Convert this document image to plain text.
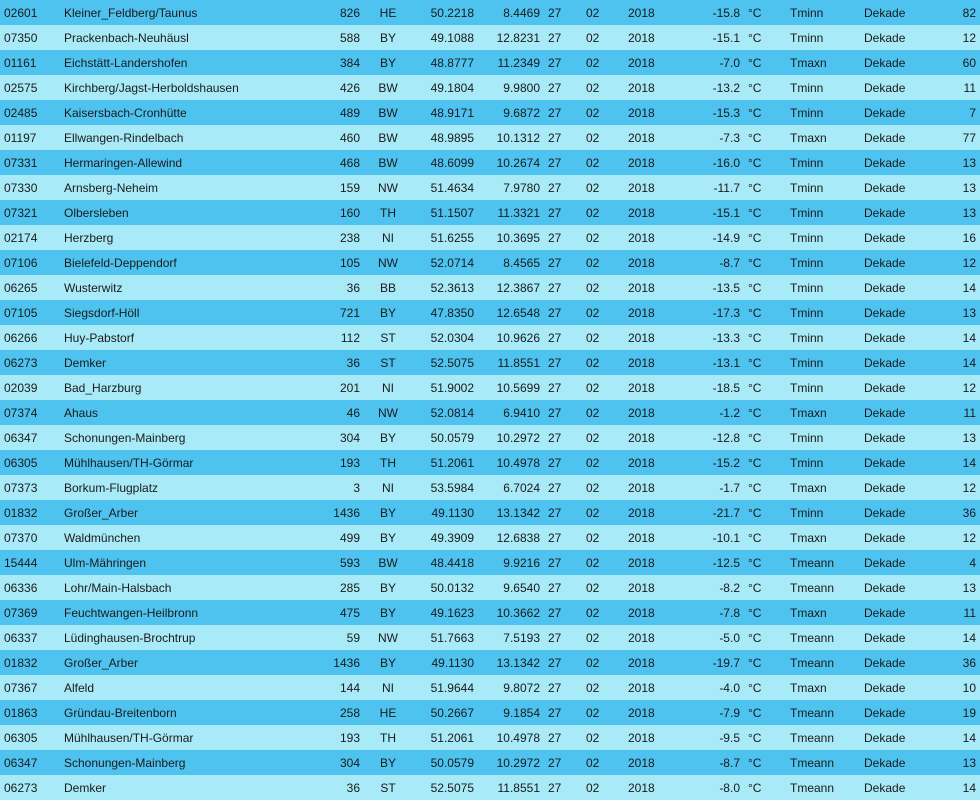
02601	Kleiner_Feldberg/Taunus	826	HE	50.2218	8.4469	27	02	2018	-15.8	°C	Tminn	Dekade	82
07350	Prackenbach-Neuhäusl	588	BY	49.1088	12.8231	27	02	2018	-15.1	°C	Tminn	Dekade	12
01161	Eichstätt-Landershofen	384	BY	48.8777	11.2349	27	02	2018	-7.0	°C	Tmaxn	Dekade	60
02575	Kirchberg/Jagst-Herboldshausen	426	BW	49.1804	9.9800	27	02	2018	-13.2	°C	Tminn	Dekade	11
02485	Kaisersbach-Cronhütte	489	BW	48.9171	9.6872	27	02	2018	-15.3	°C	Tminn	Dekade	7
01197	Ellwangen-Rindelbach	460	BW	48.9895	10.1312	27	02	2018	-7.3	°C	Tmaxn	Dekade	77
07331	Hermaringen-Allewind	468	BW	48.6099	10.2674	27	02	2018	-16.0	°C	Tminn	Dekade	13
07330	Arnsberg-Neheim	159	NW	51.4634	7.9780	27	02	2018	-11.7	°C	Tminn	Dekade	13
07321	Olbersleben	160	TH	51.1507	11.3321	27	02	2018	-15.1	°C	Tminn	Dekade	13
02174	Herzberg	238	NI	51.6255	10.3695	27	02	2018	-14.9	°C	Tminn	Dekade	16
07106	Bielefeld-Deppendorf	105	NW	52.0714	8.4565	27	02	2018	-8.7	°C	Tminn	Dekade	12
06265	Wusterwitz	36	BB	52.3613	12.3867	27	02	2018	-13.5	°C	Tminn	Dekade	14
07105	Siegsdorf-Höll	721	BY	47.8350	12.6548	27	02	2018	-17.3	°C	Tminn	Dekade	13
06266	Huy-Pabstorf	112	ST	52.0304	10.9626	27	02	2018	-13.3	°C	Tminn	Dekade	14
06273	Demker	36	ST	52.5075	11.8551	27	02	2018	-13.1	°C	Tminn	Dekade	14
02039	Bad_Harzburg	201	NI	51.9002	10.5699	27	02	2018	-18.5	°C	Tminn	Dekade	12
07374	Ahaus	46	NW	52.0814	6.9410	27	02	2018	-1.2	°C	Tmaxn	Dekade	11
06347	Schonungen-Mainberg	304	BY	50.0579	10.2972	27	02	2018	-12.8	°C	Tminn	Dekade	13
06305	Mühlhausen/TH-Görmar	193	TH	51.2061	10.4978	27	02	2018	-15.2	°C	Tminn	Dekade	14
07373	Borkum-Flugplatz	3	NI	53.5984	6.7024	27	02	2018	-1.7	°C	Tmaxn	Dekade	12
01832	Großer_Arber	1436	BY	49.1130	13.1342	27	02	2018	-21.7	°C	Tminn	Dekade	36
07370	Waldmünchen	499	BY	49.3909	12.6838	27	02	2018	-10.1	°C	Tmaxn	Dekade	12
15444	Ulm-Mähringen	593	BW	48.4418	9.9216	27	02	2018	-12.5	°C	Tmeann	Dekade	4
06336	Lohr/Main-Halsbach	285	BY	50.0132	9.6540	27	02	2018	-8.2	°C	Tmeann	Dekade	13
07369	Feuchtwangen-Heilbronn	475	BY	49.1623	10.3662	27	02	2018	-7.8	°C	Tmaxn	Dekade	11
06337	Lüdinghausen-Brochtrup	59	NW	51.7663	7.5193	27	02	2018	-5.0	°C	Tmeann	Dekade	14
01832	Großer_Arber	1436	BY	49.1130	13.1342	27	02	2018	-19.7	°C	Tmeann	Dekade	36
07367	Alfeld	144	NI	51.9644	9.8072	27	02	2018	-4.0	°C	Tmaxn	Dekade	10
01863	Gründau-Breitenborn	258	HE	50.2667	9.1854	27	02	2018	-7.9	°C	Tmeann	Dekade	19
06305	Mühlhausen/TH-Görmar	193	TH	51.2061	10.4978	27	02	2018	-9.5	°C	Tmeann	Dekade	14
06347	Schonungen-Mainberg	304	BY	50.0579	10.2972	27	02	2018	-8.7	°C	Tmeann	Dekade	13
06273	Demker	36	ST	52.5075	11.8551	27	02	2018	-8.0	°C	Tmeann	Dekade	14
